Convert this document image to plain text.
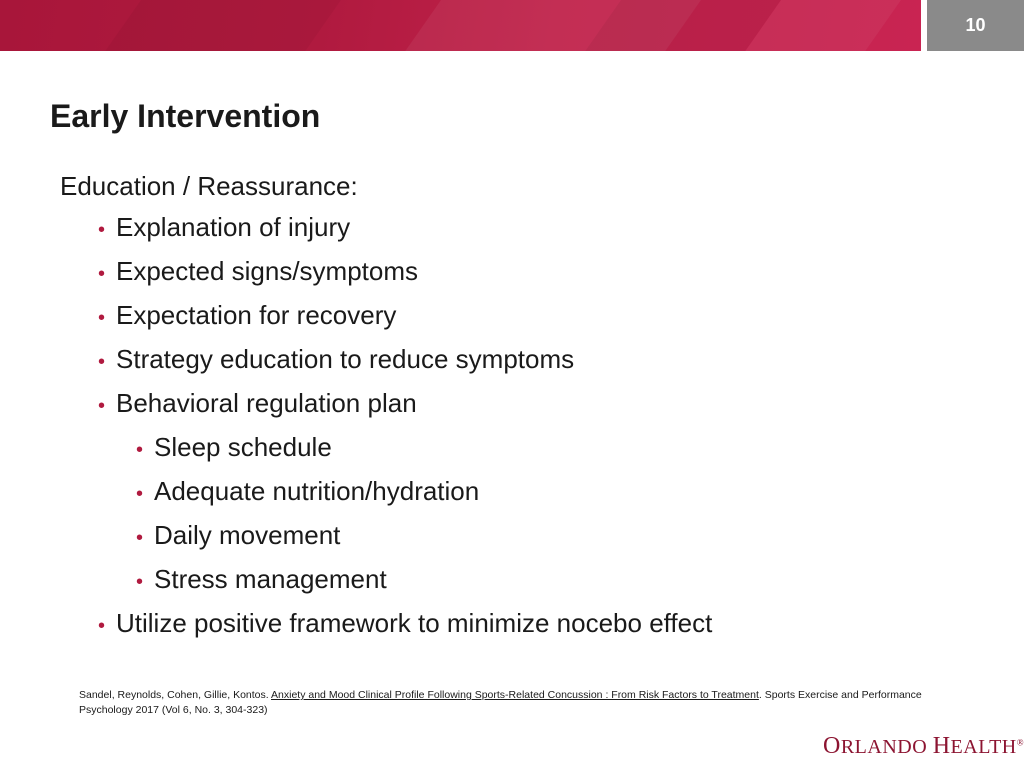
10
Early Intervention
Education / Reassurance:
• Explanation of injury
• Expected signs/symptoms
• Expectation for recovery
• Strategy education to reduce symptoms
• Behavioral regulation plan
• Sleep schedule
• Adequate nutrition/hydration
• Daily movement
• Stress management
• Utilize positive framework to minimize nocebo effect
Sandel, Reynolds, Cohen, Gillie, Kontos. Anxiety and Mood Clinical Profile Following Sports-Related Concussion : From Risk Factors to Treatment. Sports Exercise and Performance Psychology 2017 (Vol 6, No. 3, 304-323)
ORLANDO HEALTH®
